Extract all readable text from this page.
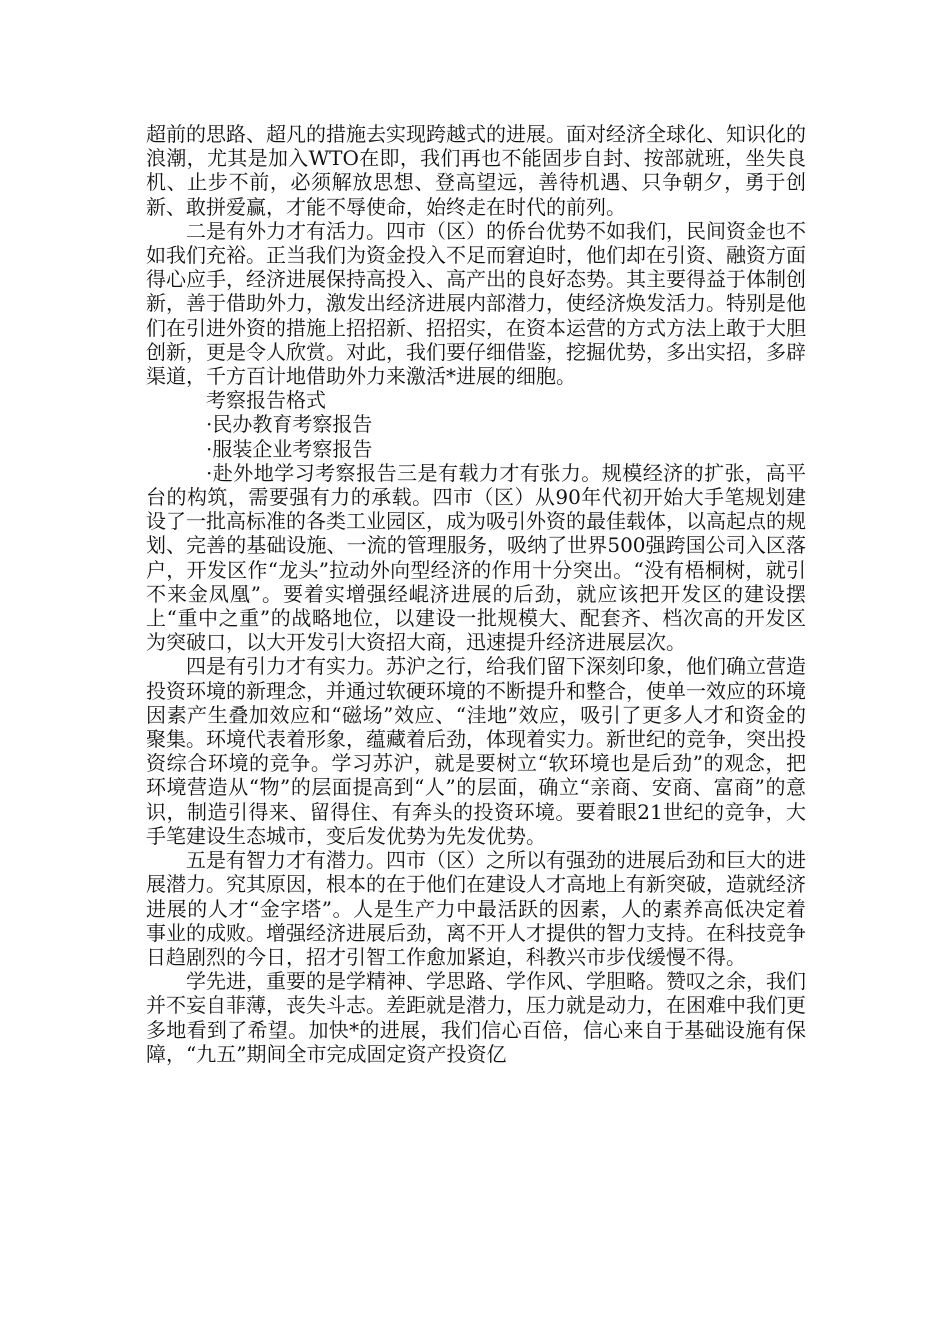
超前的思路、超凡的措施去实现跨越式的进展。面对经济全球化、知识化的浪潮，尤其是加入WTO在即，我们再也不能固步自封、按部就班，坐失良机、止步不前，必须解放思想、登高望远，善待机遇、只争朝夕，勇于创新、敢拼爱赢，才能不辱使命，始终走在时代的前列。

二是有外力才有活力。四市（区）的侨台优势不如我们，民间资金也不如我们充裕。正当我们为资金投入不足而窘迫时，他们却在引资、融资方面得心应手，经济进展保持高投入、高产出的良好态势。其主要得益于体制创新，善于借助外力，激发出经济进展内部潜力，使经济焕发活力。特别是他们在引进外资的措施上招招新、招招实，在资本运营的方式方法上敢于大胆创新，更是令人欣赏。对此，我们要仔细借鉴，挖掘优势，多出实招，多辟渠道，千方百计地借助外力来激活*进展的细胞。

考察报告格式

·民办教育考察报告

·服装企业考察报告

·赴外地学习考察报告三是有载力才有张力。规模经济的扩张，高平台的构筑，需要强有力的承载。四市（区）从90年代初开始大手笔规划建设了一批高标准的各类工业园区，成为吸引外资的最佳载体，以高起点的规划、完善的基础设施、一流的管理服务，吸纳了世界500强跨国公司入区落户，开发区作“龙头”拉动外向型经济的作用十分突出。“没有梧桐树，就引不来金凤凰”。要着实增强经崐济进展的后劲，就应该把开发区的建设摆上“重中之重”的战略地位，以建设一批规模大、配套齐、档次高的开发区为突破口，以大开发引大资招大商，迅速提升经济进展层次。

四是有引力才有实力。苏沪之行，给我们留下深刻印象，他们确立营造投资环境的新理念，并通过软硬环境的不断提升和整合，使单一效应的环境因素产生叠加效应和“磁场”效应、“洼地”效应，吸引了更多人才和资金的聚集。环境代表着形象，蕴藏着后劲，体现着实力。新世纪的竞争，突出投资综合环境的竞争。学习苏沪，就是要树立“软环境也是后劲”的观念，把环境营造从“物”的层面提高到“人”的层面，确立“亲商、安商、富商”的意识，制造引得来、留得住、有奔头的投资环境。要着眼21世纪的竞争，大手笔建设生态城市，变后发优势为先发优势。

五是有智力才有潜力。四市（区）之所以有强劲的进展后劲和巨大的进展潜力。究其原因，根本的在于他们在建设人才高地上有新突破，造就经济进展的人才“金字塔”。人是生产力中最活跃的因素，人的素养高低决定着事业的成败。增强经济进展后劲，离不开人才提供的智力支持。在科技竞争日趋剧烈的今日，招才引智工作愈加紧迫，科教兴市步伐缓慢不得。

学先进，重要的是学精神、学思路、学作风、学胆略。赞叹之余，我们并不妄自菲薄，丧失斗志。差距就是潜力，压力就是动力，在困难中我们更多地看到了希望。加快*的进展，我们信心百倍，信心来自于基础设施有保障，“九五”期间全市完成固定资产投资亿
